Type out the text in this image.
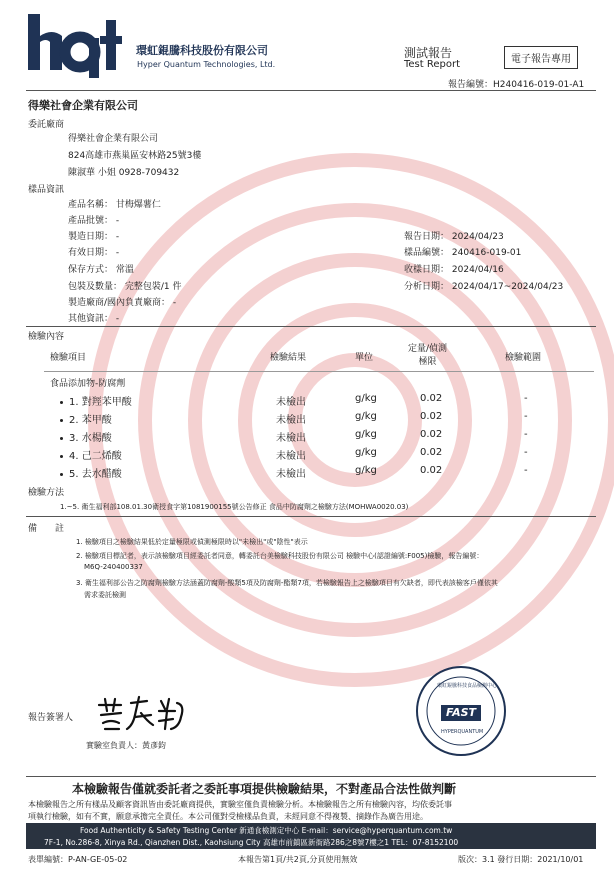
環虹錕騰科技股份有限公司
Hyper Quantum Technologies, Ltd.
測試報告
Test Report	電子報告專用
報告編號：H240416-019-01-A1
得樂社會企業有限公司
委託廠商
得樂社會企業有限公司
824高雄市燕巢區安林路25號3樓
陳淑華 小姐 0928-709432
樣品資訊
產品名稱： 甘梅爆薯仁
產品批號： -
製造日期： -
有效日期： -
保存方式： 常溫
包裝及數量： 完整包裝/1 件
製造廠商/國內負責廠商： -
其他資訊： -
報告日期： 2024/04/23
樣品編號： 240416-019-01
收樣日期： 2024/04/16
分析日期： 2024/04/17~2024/04/23
檢驗內容
檢驗項目	檢驗結果	單位
定量/偵測
極限	檢驗範圍
食品添加物-防腐劑
1. 對羥苯甲酸	未檢出	g/kg	0.02	-
2. 苯甲酸	未檢出	g/kg	0.02	-
3. 水楊酸	未檢出	g/kg	0.02	-
4. 己二烯酸	未檢出	g/kg	0.02	-
5. 去水醋酸	未檢出	g/kg	0.02	-
檢驗方法
1.~5. 衛生福利部108.01.30衛授食字第1081900155號公告修正 食品中防腐劑之檢驗方法(MOHWA0020.03)
備　　註
1. 檢驗項目之檢驗結果低於定量極限或偵測極限時以"未檢出"或"陰性"表示
2. 檢驗項目標記者，表示該檢驗項目經委託者同意，轉委託台美檢驗科技股份有限公司 檢驗中心(認證編號:F005)檢驗，報告編號：
M6Q-240400337
3. 衛生福利部公告之防腐劑檢驗方法涵蓋防腐劑-酸類5項及防腐劑-酯類7項，若檢驗報告上之檢驗項目有欠缺者，即代表該檢客戶僅依其
需求委託檢測
報告簽署人
實驗室負責人：黃彥鈞
環虹錕騰科技食品檢測中心
FAST
HYPERQUANTUM
本檢驗報告僅就委託者之委託事項提供檢驗結果，不對產品合法性做判斷
本檢驗報告之所有樣品及顧客資訊皆由委託廠商提供，實驗室僅負責檢驗分析。本檢驗報告之所有檢驗內容，均依委託事
項執行檢驗，如有不實，願意承擔完全責任。本公司僅對受檢樣品負責，未經同意不得複製、摘錄作為廣告用途。
Food Authenticity & Safety Testing Center 新通食檢測定中心 E-mail：service@hyperquantum.com.tw
7F-1, No.286-8, Xinya Rd., Qianzhen Dist., Kaohsiung City 高雄市前鎮區新衙路286之8號7樓之1 TEL：07-8152100
表單編號：P-AN-GE-05-02	本報告第1頁/共2頁,分頁使用無效	版次：3.1 發行日期：2021/10/01
